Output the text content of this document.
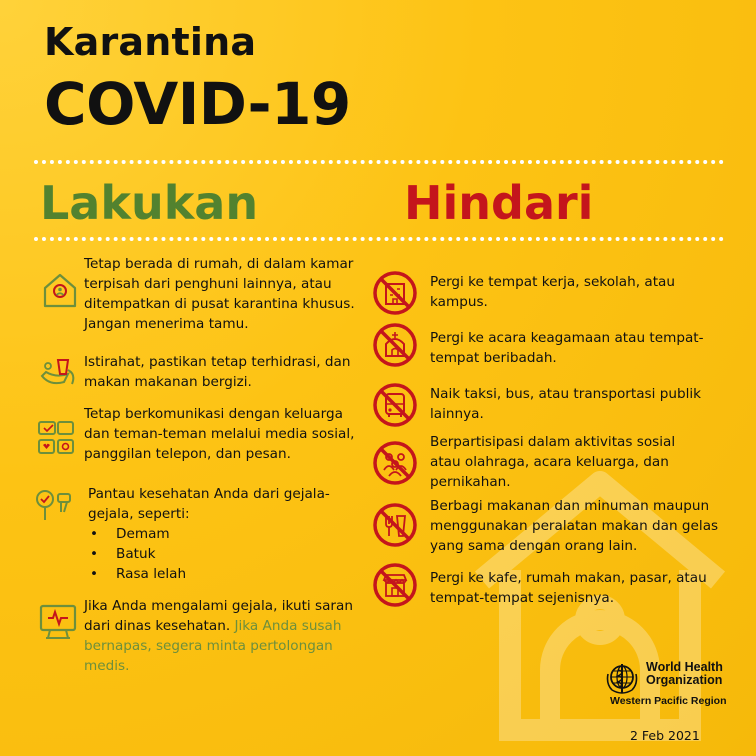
Karantina
COVID-19
Lakukan	Hindari
Tetap berada di rumah, di dalam kamar terpisah dari penghuni lainnya, atau ditempatkan di pusat karantina khusus. Jangan menerima tamu.
Istirahat, pastikan tetap terhidrasi, dan makan makanan bergizi.
Tetap berkomunikasi dengan keluarga dan teman-teman melalui media sosial, panggilan telepon, dan pesan.
Pantau kesehatan Anda dari gejala-gejala, seperti:
• Demam
• Batuk
• Rasa lelah
Jika Anda mengalami gejala, ikuti saran dari dinas kesehatan. Jika Anda susah bernapas, segera minta pertolongan medis.
Pergi ke tempat kerja, sekolah, atau kampus.
Pergi ke acara keagamaan atau tempat-tempat beribadah.
Naik taksi, bus, atau transportasi publik lainnya.
Berpartisipasi dalam aktivitas sosial atau olahraga, acara keluarga, dan pernikahan.
Berbagi makanan dan minuman maupun menggunakan peralatan makan dan gelas yang sama dengan orang lain.
Pergi ke kafe, rumah makan, pasar, atau tempat-tempat sejenisnya.
World Health
Organization
Western Pacific Region
2 Feb 2021
